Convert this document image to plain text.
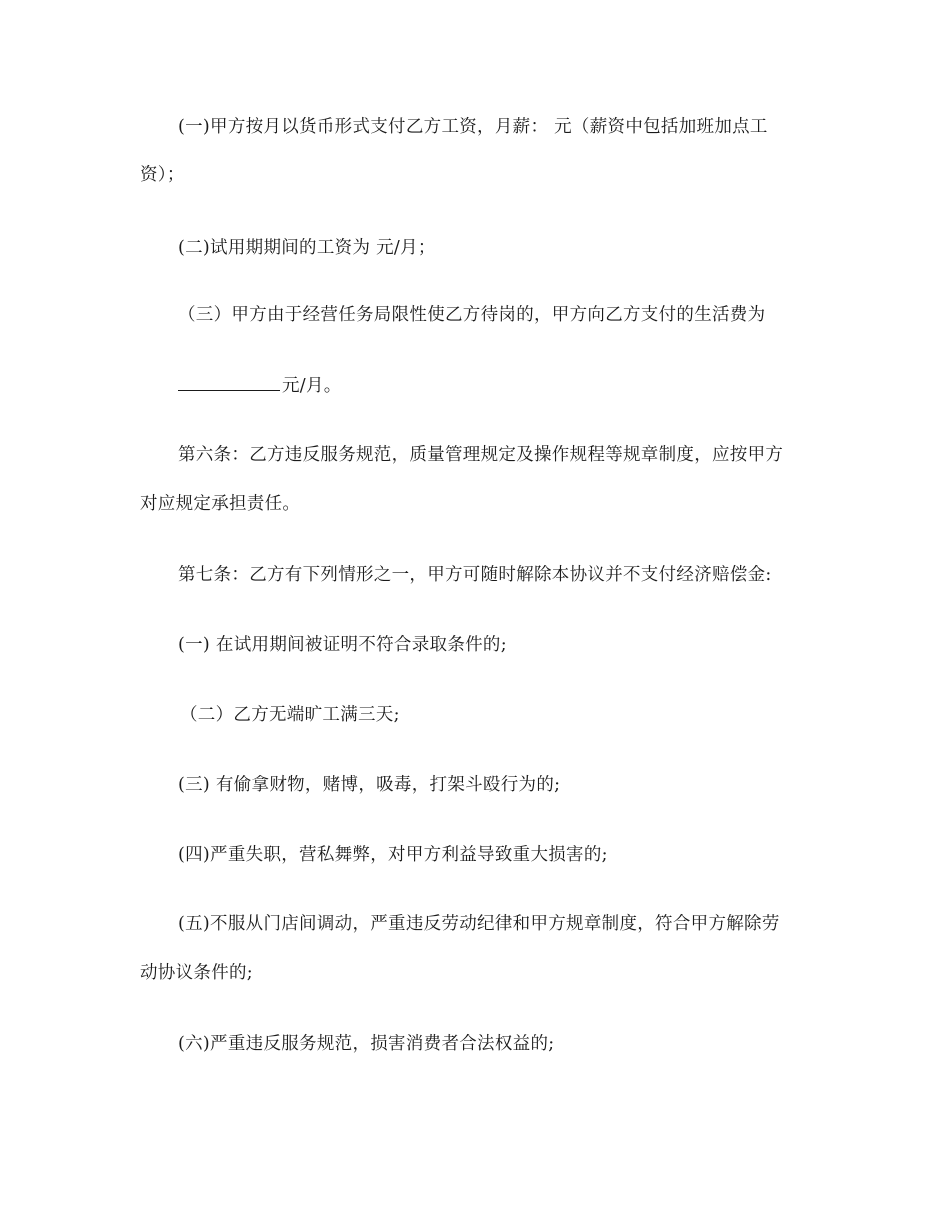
(一)甲方按月以货币形式支付乙方工资，月薪： 元（薪资中包括加班加点工
资）；
(二)试用期期间的工资为 元/月；
（三）甲方由于经营任务局限性使乙方待岗的，甲方向乙方支付的生活费为
元/月。
第六条：乙方违反服务规范，质量管理规定及操作规程等规章制度，应按甲方
对应规定承担责任。
第七条：乙方有下列情形之一，甲方可随时解除本协议并不支付经济赔偿金:
(一) 在试用期间被证明不符合录取条件的;
（二）乙方无端旷工满三天;
(三) 有偷拿财物，赌博，吸毒，打架斗殴行为的;
(四)严重失职，营私舞弊，对甲方利益导致重大损害的;
(五)不服从门店间调动，严重违反劳动纪律和甲方规章制度，符合甲方解除劳
动协议条件的;
(六)严重违反服务规范，损害消费者合法权益的;
